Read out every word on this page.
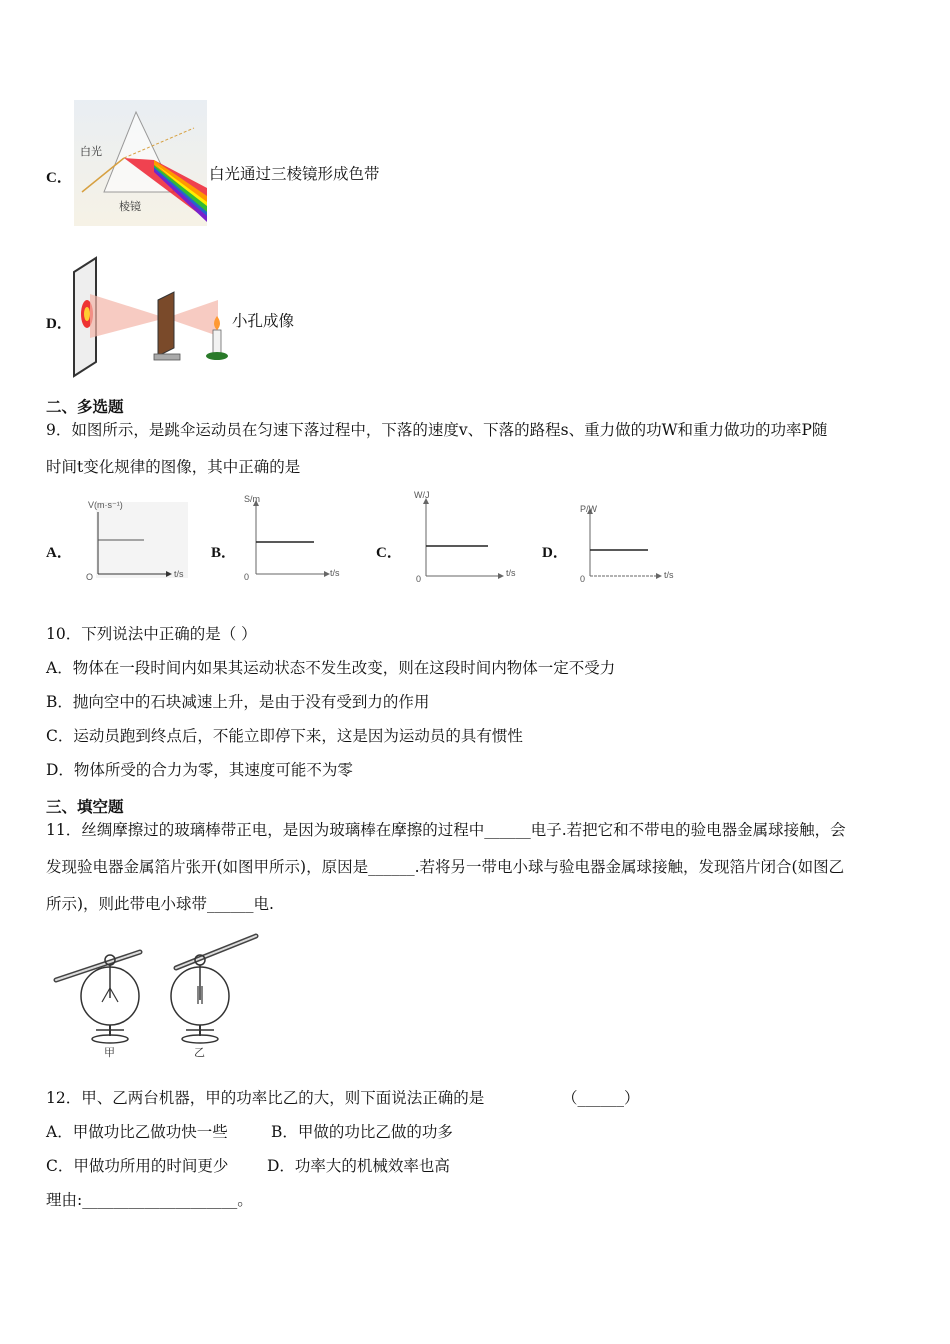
C．
白光
棱镜
白光通过三棱镜形成色带
D．	小孔成像
二、多选题
9．如图所示，是跳伞运动员在匀速下落过程中，下落的速度v、下落的路程s、重力做的功W和重力做功的功率P随
时间t变化规律的图像，其中正确的是
A．
V(m·s⁻¹)
t/s
O
B．
S/m
t/s
0
C．
W/J
t/s
0
D．
P/W
t/s
0
10．下列说法中正确的是（ ）
A．物体在一段时间内如果其运动状态不发生改变，则在这段时间内物体一定不受力
B．抛向空中的石块减速上升，是由于没有受到力的作用
C．运动员跑到终点后，不能立即停下来，这是因为运动员的具有惯性
D．物体所受的合力为零，其速度可能不为零
三、填空题
11．丝绸摩擦过的玻璃棒带正电，是因为玻璃棒在摩擦的过程中______电子.若把它和不带电的验电器金属球接触，会
发现验电器金属箔片张开(如图甲所示)，原因是______.若将另一带电小球与验电器金属球接触，发现箔片闭合(如图乙
所示)，则此带电小球带______电.
甲	乙
12．甲、乙两台机器，甲的功率比乙的大，则下面说法正确的是	（______）
A．甲做功比乙做功快一些	B．甲做的功比乙做的功多
C．甲做功所用的时间更少 D．功率大的机械效率也高
理由:____________________。
